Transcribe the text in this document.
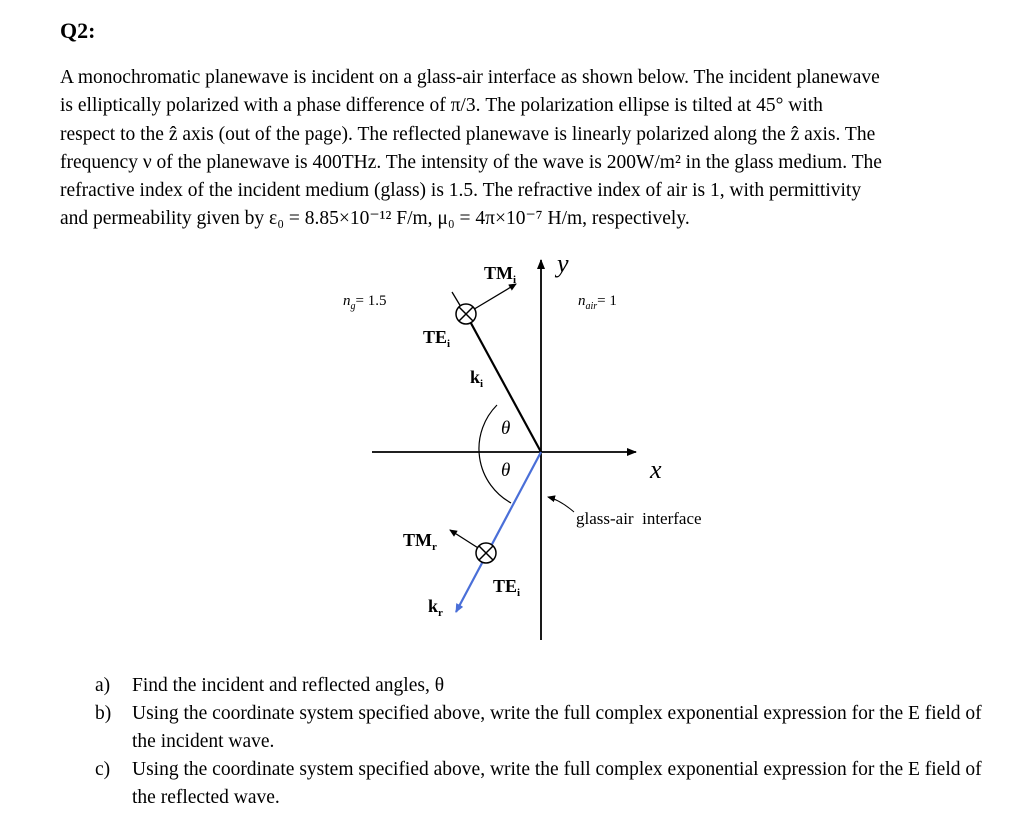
Q2:
A monochromatic planewave is incident on a glass-air interface as shown below. The incident planewave
is elliptically polarized with a phase difference of π/3. The polarization ellipse is tilted at 45° with
respect to the ẑ axis (out of the page). The reflected planewave is linearly polarized along the ẑ axis. The
frequency ν of the planewave is 400THz. The intensity of the wave is 200W/m² in the glass medium. The
refractive index of the incident medium (glass) is 1.5. The refractive index of air is 1, with permittivity
and permeability given by ε₀ = 8.85×10⁻¹² F/m, μ₀ = 4π×10⁻⁷ H/m, respectively.
$TM_i$
y
$n_g= 1.5$	$n_{air}= 1$
$TE_i$
$k_i$
θ
θ	x
glass-air  interface
$TM_r$
$TE_i$
$k_r$
a) Find the incident and reflected angles, θ
b) Using the coordinate system specified above, write the full complex exponential expression for the E field of the incident wave.
c) Using the coordinate system specified above, write the full complex exponential expression for the E field of the reflected wave.
